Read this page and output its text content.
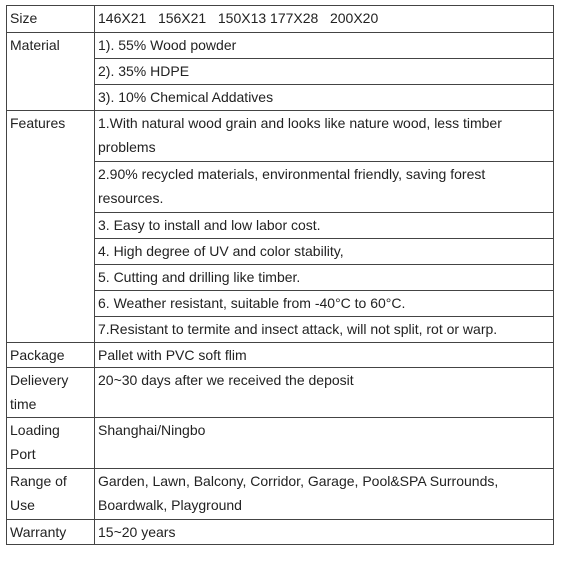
Size	146X21   156X21   150X13 177X28   200X20
Material	1). 55% Wood powder
	2). 35% HDPE
	3). 10% Chemical Addatives
Features	1.With natural wood grain and looks like nature wood, less timber problems
	2.90% recycled materials, environmental friendly, saving forest resources.
	3. Easy to install and low labor cost.
	4. High degree of UV and color stability,
	5. Cutting and drilling like timber.
	6. Weather resistant, suitable from -40°C to 60°C.
	7.Resistant to termite and insect attack, will not split, rot or warp.
Package	Pallet with PVC soft flim

Delievery
time	20~30 days after we received the deposit

Loading
Port	Shanghai/Ningbo

Range of
Use	Garden, Lawn, Balcony, Corridor, Garage, Pool&SPA Surrounds, Boardwalk, Playground
Warranty	15~20 years
